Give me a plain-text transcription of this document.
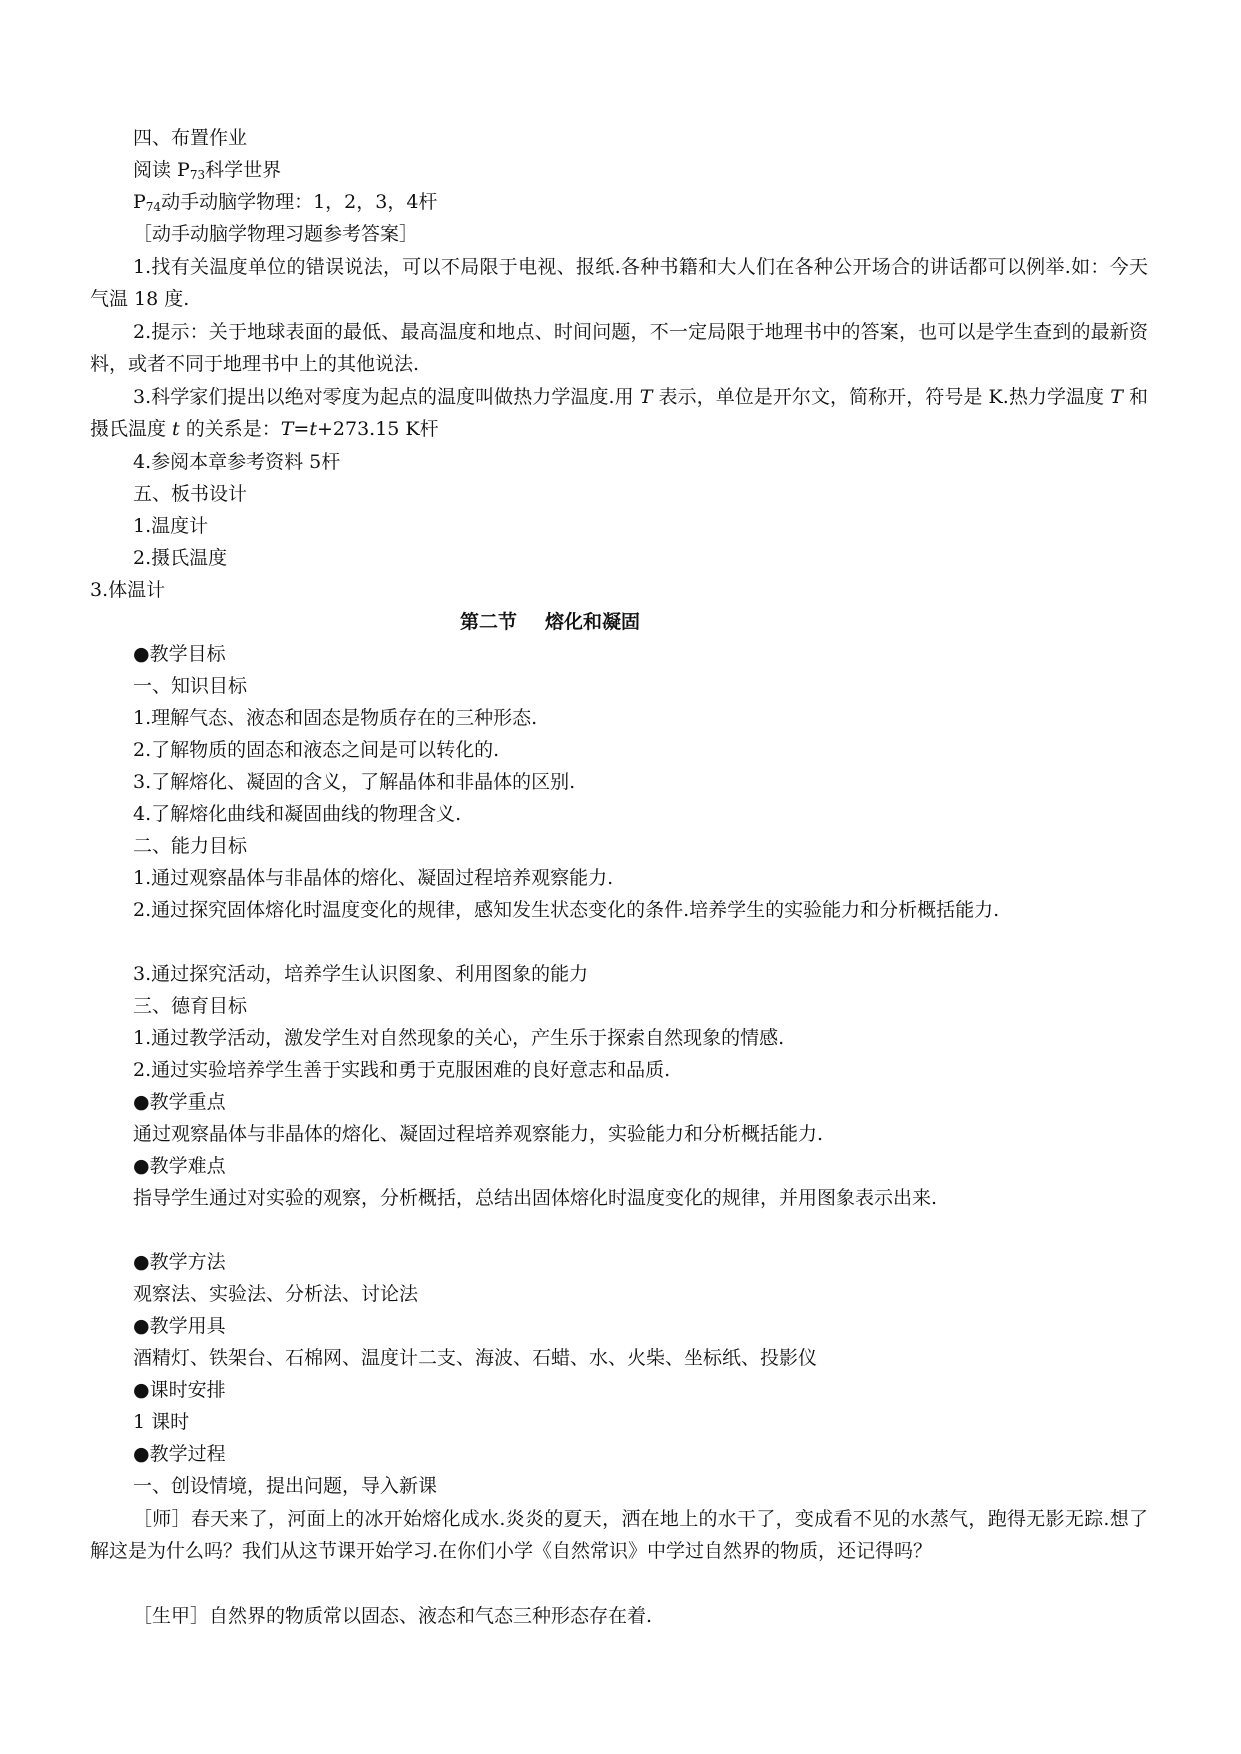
四、布置作业
阅读 $P_{73}$科学世界
$P_{74}$动手动脑学物理：1，2，3，4杆
［动手动脑学物理习题参考答案］
1.找有关温度单位的错误说法，可以不局限于电视、报纸.各种书籍和大人们在各种公开场合的讲话都可以例举.如：今天气温 18 度.
2.提示：关于地球表面的最低、最高温度和地点、时间问题，不一定局限于地理书中的答案，也可以是学生查到的最新资料，或者不同于地理书中上的其他说法.
3.科学家们提出以绝对零度为起点的温度叫做热力学温度.用 T 表示，单位是开尔文，简称开，符号是 K.热力学温度 T 和摄氏温度 t 的关系是：T=t+273.15 K杆
4.参阅本章参考资料 5杆
五、板书设计
1.温度计
2.摄氏温度
3.体温计
第二节 熔化和凝固
●教学目标
一、知识目标
1.理解气态、液态和固态是物质存在的三种形态.
2.了解物质的固态和液态之间是可以转化的.
3.了解熔化、凝固的含义，了解晶体和非晶体的区别.
4.了解熔化曲线和凝固曲线的物理含义.
二、能力目标
1.通过观察晶体与非晶体的熔化、凝固过程培养观察能力.
2.通过探究固体熔化时温度变化的规律，感知发生状态变化的条件.培养学生的实验能力和分析概括能力.
3.通过探究活动，培养学生认识图象、利用图象的能力
三、德育目标
1.通过教学活动，激发学生对自然现象的关心，产生乐于探索自然现象的情感.
2.通过实验培养学生善于实践和勇于克服困难的良好意志和品质.
●教学重点
通过观察晶体与非晶体的熔化、凝固过程培养观察能力，实验能力和分析概括能力.
●教学难点
指导学生通过对实验的观察，分析概括，总结出固体熔化时温度变化的规律，并用图象表示出来.
●教学方法
观察法、实验法、分析法、讨论法
●教学用具
酒精灯、铁架台、石棉网、温度计二支、海波、石蜡、水、火柴、坐标纸、投影仪
●课时安排
1 课时
●教学过程
一、创设情境，提出问题，导入新课
［师］春天来了，河面上的冰开始熔化成水.炎炎的夏天，洒在地上的水干了，变成看不见的水蒸气，跑得无影无踪.想了解这是为什么吗？我们从这节课开始学习.在你们小学《自然常识》中学过自然界的物质，还记得吗？
［生甲］自然界的物质常以固态、液态和气态三种形态存在着.
